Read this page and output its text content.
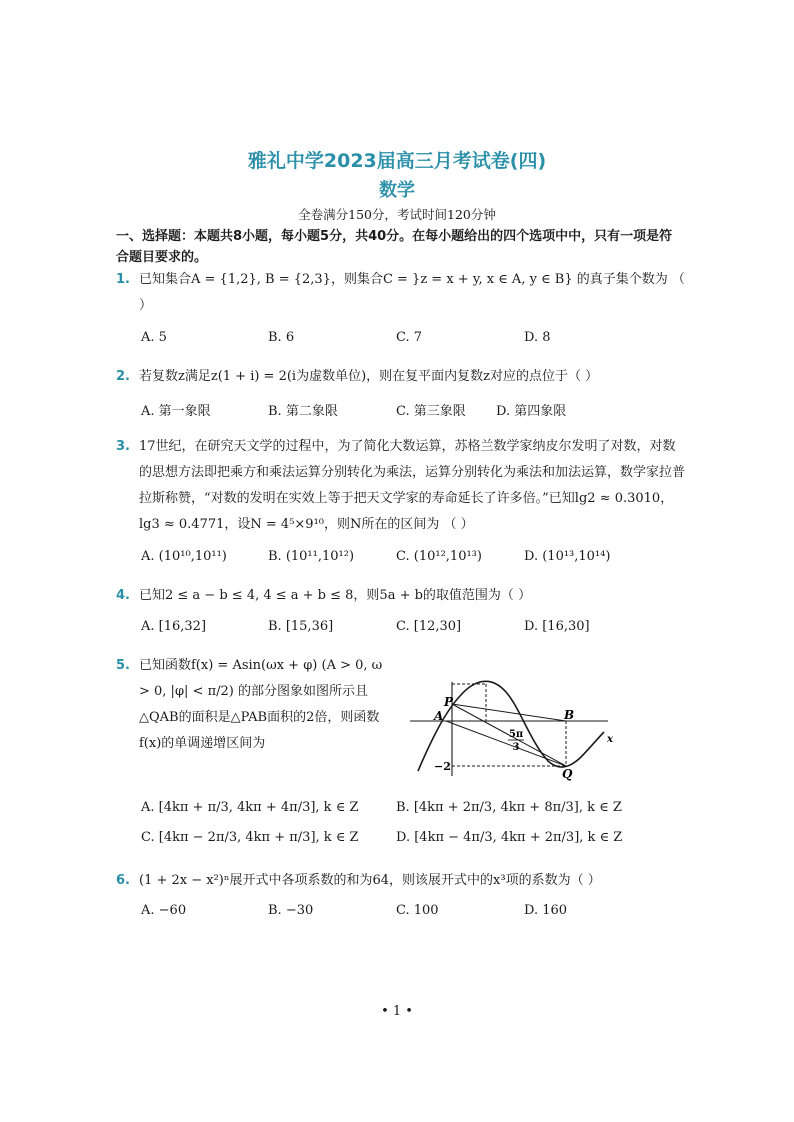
雅礼中学2023届高三月考试卷(四)
数学
全卷满分150分，考试时间120分钟
一、选择题：本题共8小题，每小题5分，共40分。在每小题给出的四个选项中中，只有一项是符合题目要求的。
1. 已知集合A = {1,2}, B = {2,3}，则集合C = }z = x + y, x ∈ A, y ∈ B} 的真子集个数为 （ ）
A. 5	B. 6	C. 7	D. 8
2. 若复数z满足z(1 + i) = 2(i为虚数单位)，则在复平面内复数z对应的点位于（ ）
A. 第一象限	B. 第二象限	C. 第三象限 D. 第四象限
3. 17世纪，在研究天文学的过程中，为了简化大数运算，苏格兰数学家纳皮尔发明了对数，对数的思想方法即把乘方和乘法运算分别转化为乘法，运算分别转化为乘法和加法运算，数学家拉普拉斯称赞，“对数的发明在实效上等于把天文学家的寿命延长了许多倍。”已知lg2 ≈ 0.3010，lg3 ≈ 0.4771，设N = 4⁵×9¹⁰，则N所在的区间为 （ ）
A. (10¹⁰,10¹¹)	B. (10¹¹,10¹²)	C. (10¹²,10¹³)	D. (10¹³,10¹⁴)
4. 已知2 ≤ a − b ≤ 4, 4 ≤ a + b ≤ 8，则5a + b的取值范围为（ ）
A. [16,32]	B. [15,36]	C. [12,30]	D. [16,30]
5. 已知函数f(x) = Asin(ωx + φ) (A > 0, ω > 0, |φ| < π/2) 的部分图象如图所示且△QAB的面积是△PAB面积的2倍，则函数f(x)的单调递增区间为
A
P
B
Q
x
−2
5π
3
A. [4kπ + π/3, 4kπ + 4π/3], k ∈ Z	B. [4kπ + 2π/3, 4kπ + 8π/3], k ∈ Z
C. [4kπ − 2π/3, 4kπ + π/3], k ∈ Z	D. [4kπ − 4π/3, 4kπ + 2π/3], k ∈ Z
6. (1 + 2x − x²)ⁿ展开式中各项系数的和为64，则该展开式中的x³项的系数为（ ）
A. −60	B. −30	C. 100	D. 160
• 1 •
